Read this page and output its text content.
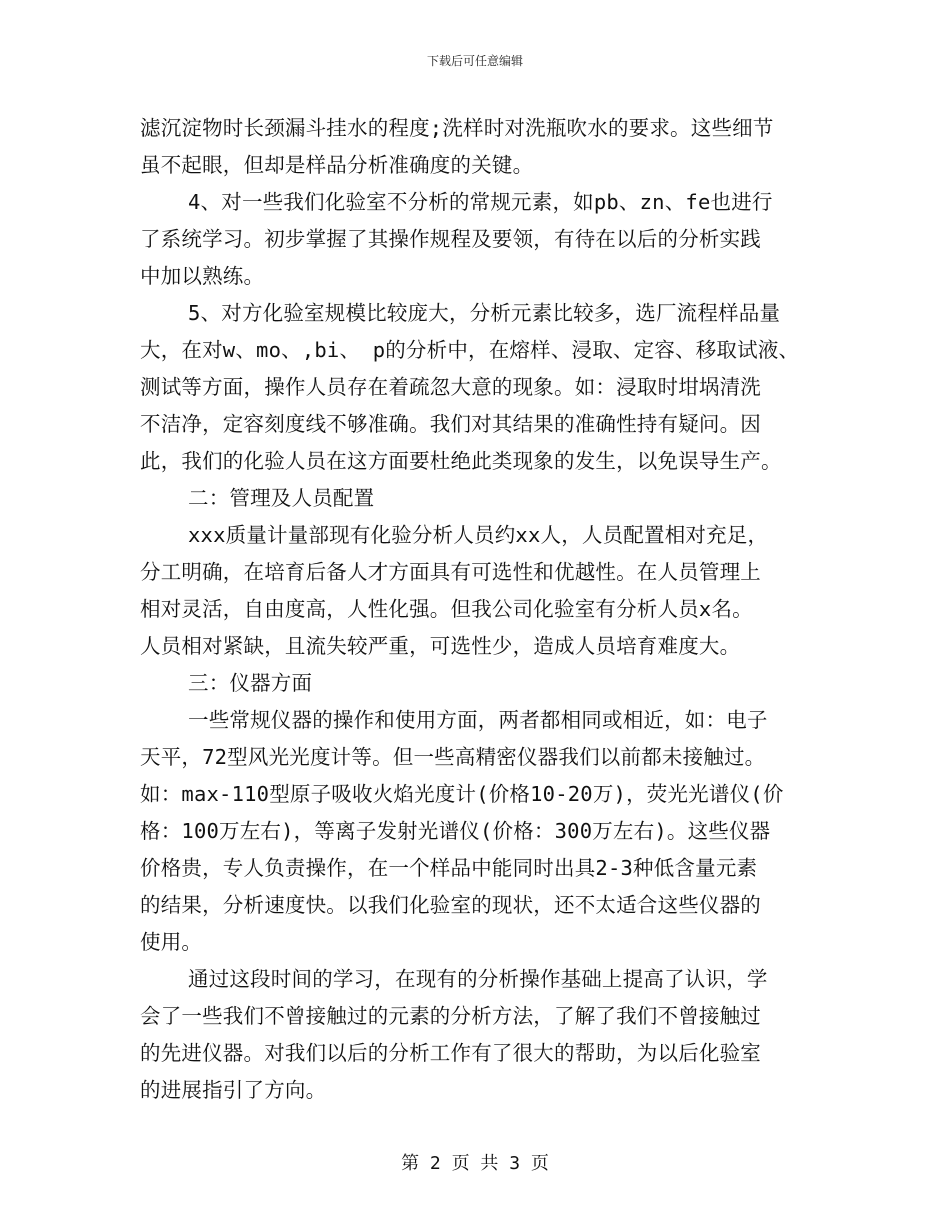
下载后可任意编辑
滤沉淀物时长颈漏斗挂水的程度;洗样时对洗瓶吹水的要求。这些细节
虽不起眼，但却是样品分析准确度的关键。
4、对一些我们化验室不分析的常规元素，如pb、zn、fe也进行
了系统学习。初步掌握了其操作规程及要领，有待在以后的分析实践
中加以熟练。
5、对方化验室规模比较庞大，分析元素比较多，选厂流程样品量
大，在对w、mo、,bi、 p的分析中，在熔样、浸取、定容、移取试液、
测试等方面，操作人员存在着疏忽大意的现象。如：浸取时坩埚清洗
不洁净，定容刻度线不够准确。我们对其结果的准确性持有疑问。因
此，我们的化验人员在这方面要杜绝此类现象的发生，以免误导生产。
二：管理及人员配置
xxx质量计量部现有化验分析人员约xx人，人员配置相对充足，
分工明确，在培育后备人才方面具有可选性和优越性。在人员管理上
相对灵活，自由度高，人性化强。但我公司化验室有分析人员x名。
人员相对紧缺，且流失较严重，可选性少，造成人员培育难度大。
三：仪器方面
一些常规仪器的操作和使用方面，两者都相同或相近，如：电子
天平，72型风光光度计等。但一些高精密仪器我们以前都未接触过。
如：max-110型原子吸收火焰光度计(价格10-20万)，荧光光谱仪(价
格：100万左右)，等离子发射光谱仪(价格：300万左右)。这些仪器
价格贵，专人负责操作，在一个样品中能同时出具2-3种低含量元素
的结果，分析速度快。以我们化验室的现状，还不太适合这些仪器的
使用。
通过这段时间的学习，在现有的分析操作基础上提高了认识，学
会了一些我们不曾接触过的元素的分析方法，了解了我们不曾接触过
的先进仪器。对我们以后的分析工作有了很大的帮助，为以后化验室
的进展指引了方向。
第 2 页 共 3 页
